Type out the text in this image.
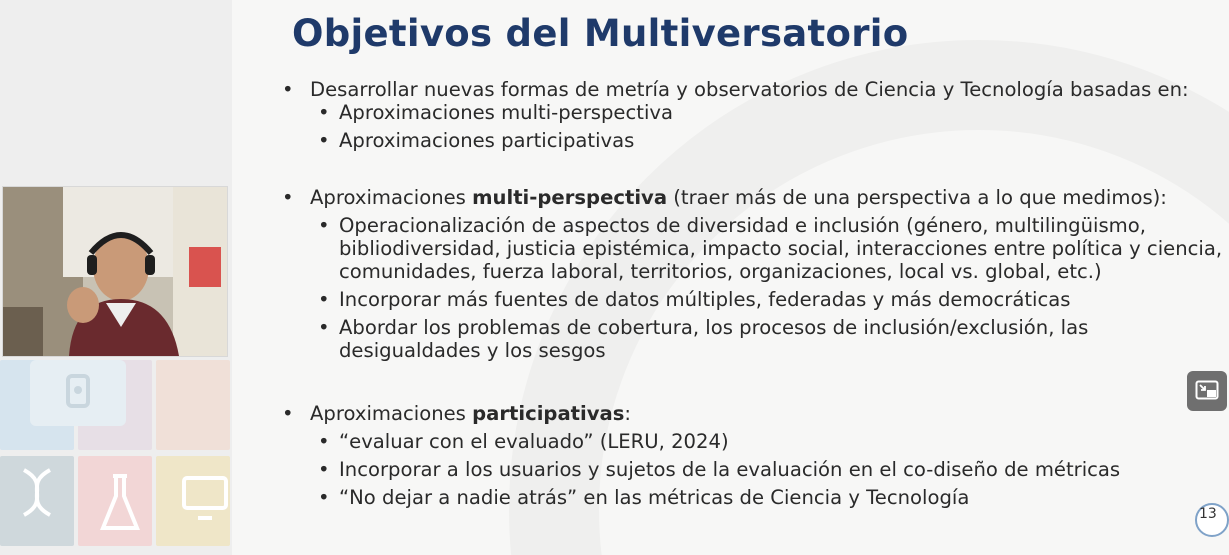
Objetivos del Multiversatorio

• Desarrollar nuevas formas de metría y observatorios de Ciencia y Tecnología basadas en:

• Aproximaciones multi-perspectiva

• Aproximaciones participativas

• Aproximaciones multi-perspectiva (traer más de una perspectiva a lo que medimos):

• Operacionalización de aspectos de diversidad e inclusión (género, multilingüismo, bibliodiversidad, justicia epistémica, impacto social, interacciones entre política y ciencia, comunidades, fuerza laboral, territorios, organizaciones, local vs. global, etc.)

• Incorporar más fuentes de datos múltiples, federadas y más democráticas

• Abordar los problemas de cobertura, los procesos de inclusión/exclusión, las desigualdades y los sesgos

• Aproximaciones participativas:

• “evaluar con el evaluado” (LERU, 2024)

• Incorporar a los usuarios y sujetos de la evaluación en el co-diseño de métricas

• “No dejar a nadie atrás” en las métricas de Ciencia y Tecnología

13
